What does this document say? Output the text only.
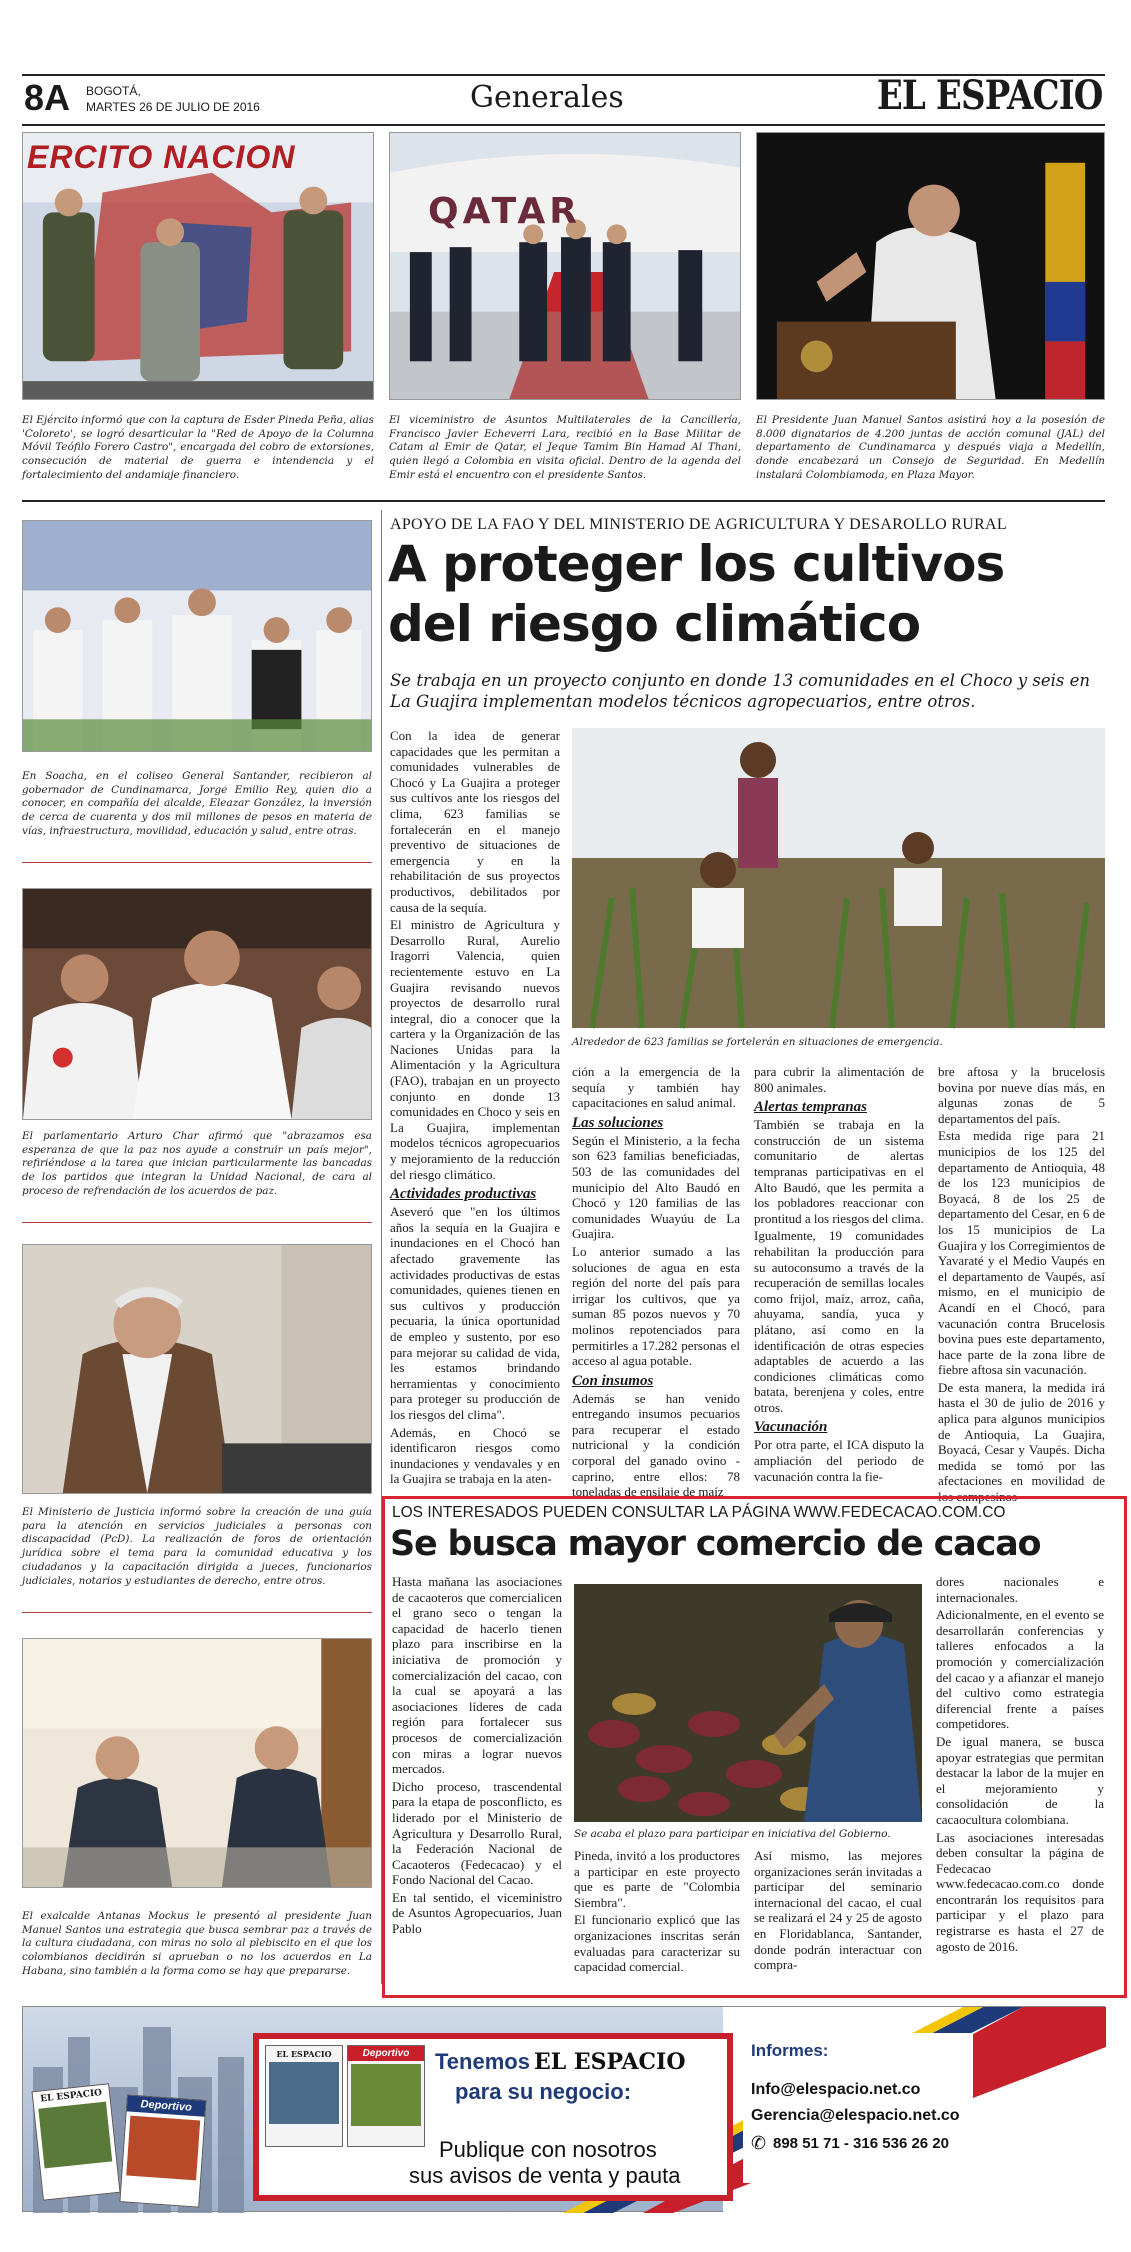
8A BOGOTÁ,
MARTES 26 DE JULIO DE 2016	Generales	EL ESPACIO
ERCITO NACION
El Ejército informó que con la captura de Esder Pineda Peña, alias 'Coloreto', se logró desarticular la "Red de Apoyo de la Columna Móvil Teófilo Forero Castro", encargada del cobro de extorsiones, consecución de material de guerra e intendencia y el fortalecimiento del andamiaje financiero.
QATAR
El viceministro de Asuntos Multilaterales de la Cancillería, Francisco Javier Echeverri Lara, recibió en la Base Militar de Catam al Emir de Qatar, el Jeque Tamim Bin Hamad Al Thani, quien llegó a Colombia en visita oficial. Dentro de la agenda del Emir está el encuentro con el presidente Santos.
El Presidente Juan Manuel Santos asistirá hoy a la posesión de 8.000 dignatarios de 4.200 juntas de acción comunal (JAL) del departamento de Cundinamarca y después viaja a Medellín, donde encabezará un Consejo de Seguridad. En Medellín instalará Colombiamoda, en Plaza Mayor.
En Soacha, en el coliseo General Santander, recibieron al gobernador de Cundinamarca, Jorge Emilio Rey, quien dio a conocer, en compañía del alcalde, Eleazar González, la inversión de cerca de cuarenta y dos mil millones de pesos en materia de vías, infraestructura, movilidad, educación y salud, entre otras.
El parlamentario Arturo Char afirmó que "abrazamos esa esperanza de que la paz nos ayude a construir un país mejor", refiriéndose a la tarea que inician particularmente las bancadas de los partidos que integran la Unidad Nacional, de cara al proceso de refrendación de los acuerdos de paz.
El Ministerio de Justicia informó sobre la creación de una guía para la atención en servicios judiciales a personas con discapacidad (PcD). La realización de foros de orientación jurídica sobre el tema para la comunidad educativa y los ciudadanos y la capacitación dirigida a jueces, funcionarios judiciales, notarios y estudiantes de derecho, entre otros.
El exalcalde Antanas Mockus le presentó al presidente Juan Manuel Santos una estrategia que busca sembrar paz a través de la cultura ciudadana, con miras no solo al plebiscito en el que los colombianos decidirán si aprueban o no los acuerdos en La Habana, sino también a la forma como se hay que prepararse.
APOYO DE LA FAO Y DEL MINISTERIO DE AGRICULTURA Y DESAROLLO RURAL
A proteger los cultivos
del riesgo climático
Se trabaja en un proyecto conjunto en donde 13 comunidades en el Choco y seis en La Guajira implementan modelos técnicos agropecuarios, entre otros.

Con la idea de generar capacidades que les permitan a comunidades vulnerables de Chocó y La Guajira a proteger sus cultivos ante los riesgos del clima, 623 familias se fortalecerán en el manejo preventivo de situaciones de emergencia y en la rehabilitación de sus proyectos productivos, debilitados por causa de la sequía.

El ministro de Agricultura y Desarrollo Rural, Aurelio Iragorri Valencia, quien recientemente estuvo en La Guajira revisando nuevos proyectos de desarrollo rural integral, dio a conocer que la cartera y la Organización de las Naciones Unidas para la Alimentación y la Agricultura (FAO), trabajan en un proyecto conjunto en donde 13 comunidades en Choco y seis en La Guajira, implementan modelos técnicos agropecuarios y mejoramiento de la reducción del riesgo climático.

Actividades productivas

Aseveró que "en los últimos años la sequía en la Guajira e inundaciones en el Chocó han afectado gravemente las actividades productivas de estas comunidades, quienes tienen en sus cultivos y producción pecuaria, la única oportunidad de empleo y sustento, por eso para mejorar su calidad de vida, les estamos brindando herramientas y conocimiento para proteger su producción de los riesgos del clima".

Además, en Chocó se identificaron riesgos como inundaciones y vendavales y en la Guajira se trabaja en la aten-

Alrededor de 623 familias se fortelerán en situaciones de emergencia.

ción a la emergencia de la sequía y también hay capacitaciones en salud animal.

Las soluciones

Según el Ministerio, a la fecha son 623 familias beneficiadas, 503 de las comunidades del municipio del Alto Baudó en Chocó y 120 familias de las comunidades Wuayúu de La Guajira.

Lo anterior sumado a las soluciones de agua en esta región del norte del país para irrigar los cultivos, que ya suman 85 pozos nuevos y 70 molinos repotenciados para permitirles a 17.282 personas el acceso al agua potable.

Con insumos

Además se han venido entregando insumos pecuarios para recuperar el estado nutricional y la condición corporal del ganado ovino -caprino, entre ellos: 78 toneladas de ensilaje de maíz

para cubrir la alimentación de 800 animales.

Alertas tempranas

También se trabaja en la construcción de un sistema comunitario de alertas tempranas participativas en el Alto Baudó, que les permita a los pobladores reaccionar con prontitud a los riesgos del clima.

Igualmente, 19 comunidades rehabilitan la producción para su autoconsumo a través de la recuperación de semillas locales como frijol, maíz, arroz, caña, ahuyama, sandía, yuca y plátano, así como en la identificación de otras especies adaptables de acuerdo a las condiciones climáticas como batata, berenjena y coles, entre otros.

Vacunación

Por otra parte, el ICA disputo la ampliación del periodo de vacunación contra la fie-

bre aftosa y la brucelosis bovina por nueve días más, en algunas zonas de 5 departamentos del país.

Esta medida rige para 21 municipios de los 125 del departamento de Antioquia, 48 de los 123 municipios de Boyacá, 8 de los 25 de departamento del Cesar, en 6 de los 15 municipios de La Guajira y los Corregimientos de Yavaraté y el Medio Vaupés en el departamento de Vaupés, así mismo, en el municipio de Acandí en el Chocó, para vacunación contra Brucelosis bovina pues este departamento, hace parte de la zona libre de fiebre aftosa sin vacunación.

De esta manera, la medida irá hasta el 30 de julio de 2016 y aplica para algunos municipios de Antioquia, La Guajira, Boyacá, Cesar y Vaupés. Dicha medida se tomó por las afectaciones en movilidad de los campesinos

LOS INTERESADOS PUEDEN CONSULTAR LA PÁGINA WWW.FEDECACAO.COM.CO
Se busca mayor comercio de cacao

Hasta mañana las asociaciones de cacaoteros que comercialicen el grano seco o tengan la capacidad de hacerlo tienen plazo para inscribirse en la iniciativa de promoción y comercialización del cacao, con la cual se apoyará a las asociaciones líderes de cada región para fortalecer sus procesos de comercialización con miras a lograr nuevos mercados.

Dicho proceso, trascendental para la etapa de posconflicto, es liderado por el Ministerio de Agricultura y Desarrollo Rural, la Federación Nacional de Cacaoteros (Fedecacao) y el Fondo Nacional del Cacao.

En tal sentido, el viceministro de Asuntos Agropecuarios, Juan Pablo

Se acaba el plazo para participar en iniciativa del Gobierno.

Pineda, invitó a los productores a participar en este proyecto que es parte de "Colombia Siembra".

El funcionario explicó que las organizaciones inscritas serán evaluadas para caracterizar su capacidad comercial.

Así mismo, las mejores organizaciones serán invitadas a participar del seminario internacional del cacao, el cual se realizará el 24 y 25 de agosto en Floridablanca, Santander, donde podrán interactuar con compra-

dores nacionales e internacionales.

Adicionalmente, en el evento se desarrollarán conferencias y talleres enfocados a la promoción y comercialización del cacao y a afianzar el manejo del cultivo como estrategia diferencial frente a países competidores.

De igual manera, se busca apoyar estrategias que permitan destacar la labor de la mujer en el mejoramiento y consolidación de la cacaocultura colombiana.

Las asociaciones interesadas deben consultar la página de Fedecacao www.fedecacao.com.co donde encontrarán los requisitos para participar y el plazo para registrarse es hasta el 27 de agosto de 2016.

EL ESPACIO
Deportivo
EL ESPACIO	Deportivo	Tenemos EL ESPACIO
para su negocio:
Publique con nosotros
sus avisos de venta y pauta
Informes:
Info@elespacio.net.co
Gerencia@elespacio.net.co
✆ 898 51 71 - 316 536 26 20
